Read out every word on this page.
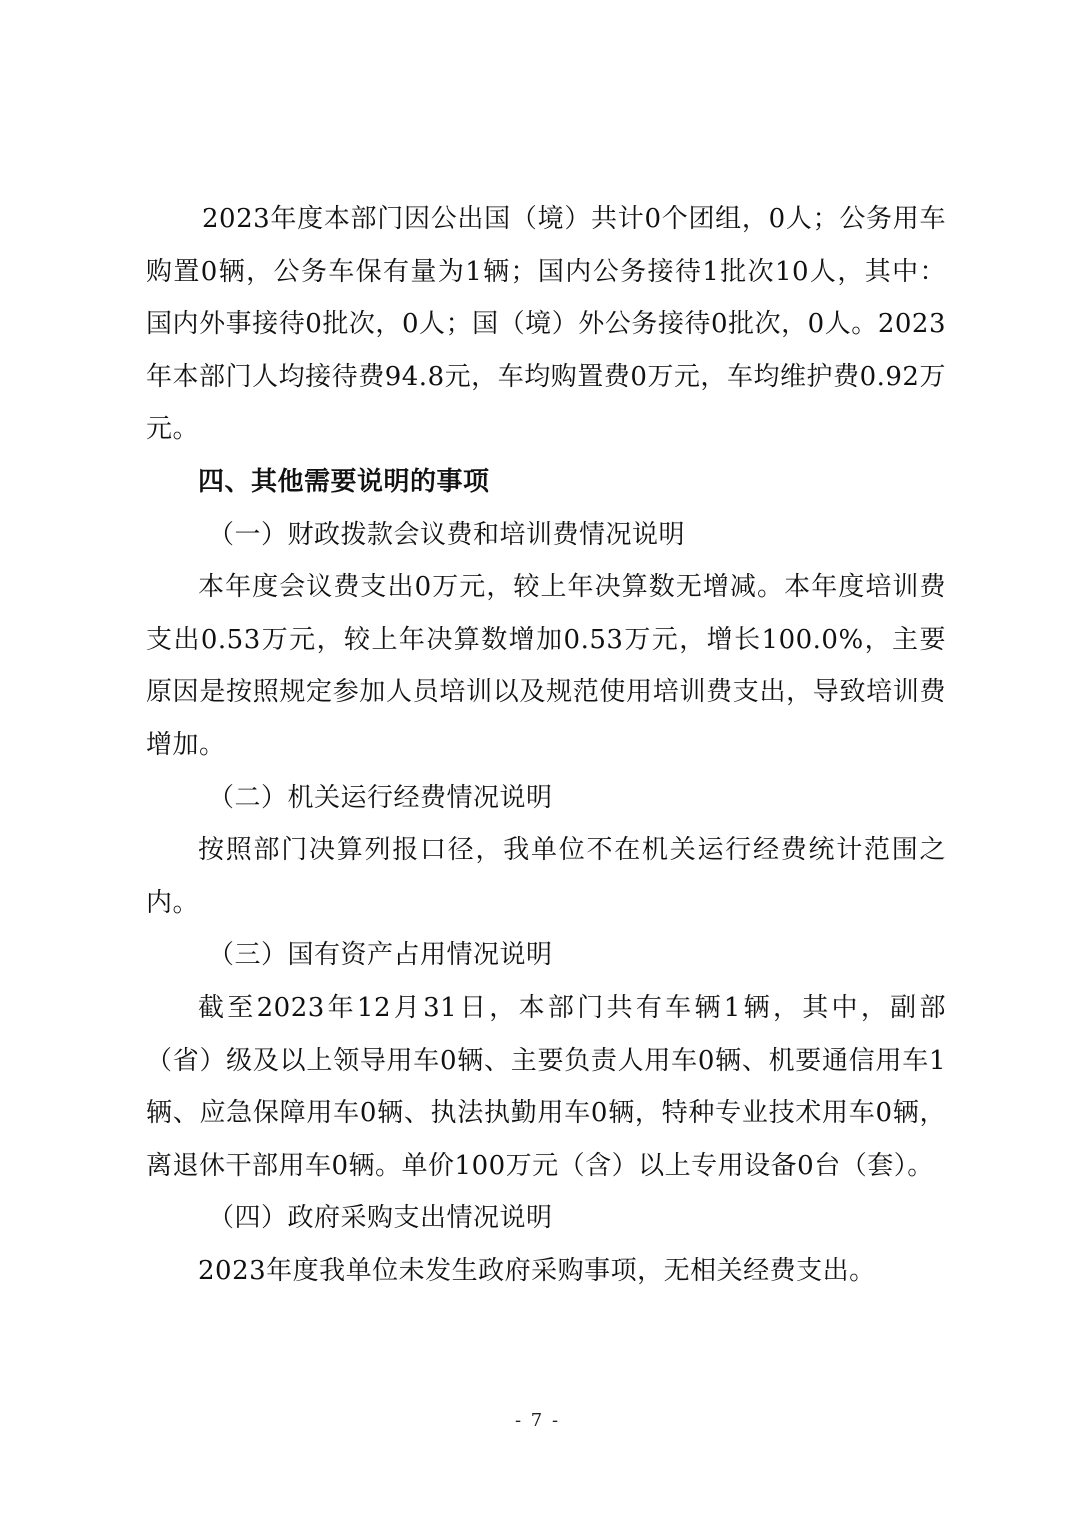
2023年度本部门因公出国（境）共计0个团组，0人；公务用车购置0辆，公务车保有量为1辆；国内公务接待1批次10人，其中：国内外事接待0批次，0人；国（境）外公务接待0批次，0人。2023年本部门人均接待费94.8元，车均购置费0万元，车均维护费0.92万元。

四、其他需要说明的事项

（一）财政拨款会议费和培训费情况说明

本年度会议费支出0万元，较上年决算数无增减。本年度培训费支出0.53万元，较上年决算数增加0.53万元，增长100.0%，主要原因是按照规定参加人员培训以及规范使用培训费支出，导致培训费增加。

（二）机关运行经费情况说明

按照部门决算列报口径，我单位不在机关运行经费统计范围之内。

（三）国有资产占用情况说明

截至2023年12月31日，本部门共有车辆1辆，其中，副部（省）级及以上领导用车0辆、主要负责人用车0辆、机要通信用车1辆、应急保障用车0辆、执法执勤用车0辆，特种专业技术用车0辆，离退休干部用车0辆。单价100万元（含）以上专用设备0台（套）。

（四）政府采购支出情况说明

2023年度我单位未发生政府采购事项，无相关经费支出。

- 7 -
